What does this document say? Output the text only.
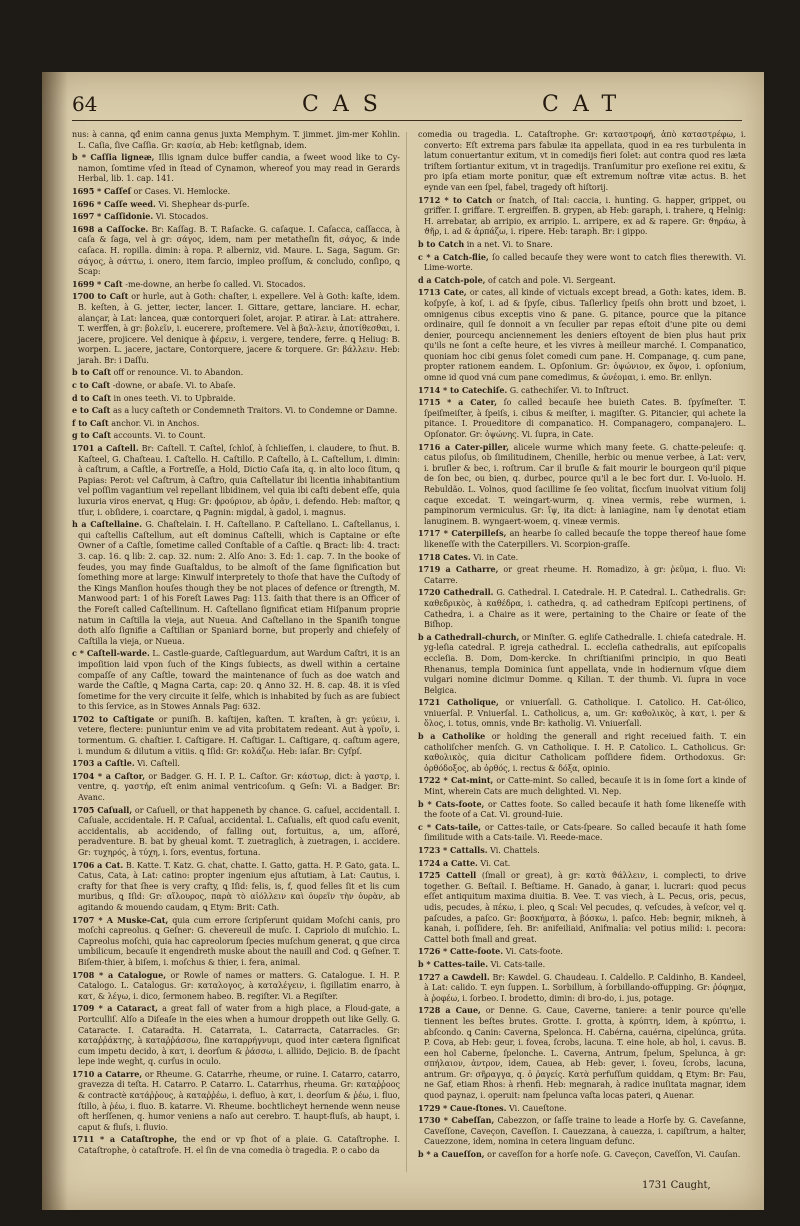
64	CAS	CAT

nus: à canna, ꝗđ enim canna genus juxta Memphym. T. jimmet. jim-mer Kohlin. L. Caſia, ſive Caſſia. Gr: κασία, ab Heb: ketſignab, idem.

b * Caſſia ligneæ, Illis ignam dulce buffer candia, a ſweet wood like to Cy-namon, ſomtime vſed in ſtead of Cynamon, whereof you may read in Gerards Herbal, lib. 1. cap. 141.

1695 * Caſſeſ or Cases. Vi. Hemlocke.

1696 * Caſſe weed. Vi. Shephear ds-purſe.

1697 * Caſſidonie. Vi. Stocados.

1698 a Caſſocke. Br: Kaſſag. B. T. Raſacke. G. caſaque. I. Caſacca, caſſacca, à caſa & ſaga, vel à gr: σάγος, idem, nam per metatheſin fit, σάγος, & inde caſaca. H. ropilla. dimin: à ropa. P. alberniz, vid. Maure. L. Saga, Sagum. Gr: σάγος, à σάττω, i. onero, item farcio, impleo proſſum, & concludo, conſipo, ꝗ Scap:

1699 * Caſt -me-downe, an herbe ſo called. Vi. Stocados.

1700 to Caſt or hurle, aut à Goth: chaſter, i. expellere. Vel à Goth: kaſte, idem. B. keſten, à G. jetter, iecter, lancer. I. Gittare, gettare, lanciare. H. echar, alançar, à Lat: lancea, quæ contorqueri ſolet, arojar. P. atirar. à Lat: attrahere. T. werffen, à gr: βολεῖν, i. eucerere, proſtemere. Vel à βαλ-λειν, ἀποτίθεσθαι, i. jacere, projicere. Vel denique à ϕέρειν, i. vergere, tendere, ferre. ꝗ Heliug: B. worpen. L. jacere, jactare, Contorquere, jacere & torquere. Gr: βάλλειν. Heb: jarah. Br: i Daſſu.

b to Caſt off or renounce. Vi. to Abandon.

c to Caſt -downe, or abaſe. Vi. to Abaſe.

d to Caſt in ones teeth. Vi. to Upbraide.

e to Caſt as a lucy caſteth or Condemneth Traitors. Vi. to Condemne or Damne.

f to Caſt anchor. Vi. in Anchos.

g to Caſt accounts. Vi. to Count.

1701 a Caſtell. Br: Caſtell. T. Caſtel, ſchloſ, à ſchlieſſen, i. claudere, to ſhut. B. Kaſteel, G. Chaſteau. I. Caſtello. H. Caſtillo. P. Caſtello, à L. Caſtellum, i. dimin: à caſtrum, a Caſtle, a Fortreſſe, a Hold, Dictio Caſa ita, q. in alto loco ſitum, ꝗ Papias: Perot: vel Caſtrum, à Caſtro, quia Caſtellatur ibi licentia inhabitantium vel poſſim vagantium vel repellant libidinem, vel quia ibi caſti debent eſſe, quia luxuria viros enervat, ꝗ Hug: Gr: ϕρούριον, ab ὁρᾶν, i. defendo. Heb: maſtor, ꝗ tſur, i. obſidere, i. coarctare, ꝗ Pagnin: migdal, à gadol, i. magnus.

h a Caſtellaine. G. Chaſtelain. I. H. Caſtellano. P. Caſtellano. L. Caſtellanus, i. qui caſtellis Caſtellum, aut eſt dominus Caſtelli, which is Captaine or eſte Owner of a Caſtle, ſometime called Conſtable of a Caſtle. ꝗ Bract: lib: 4. tract: 3. cap. 16. ꝗ lib: 2. cap. 32. num: 2. Alſo Ano: 3. Ed: 1. cap. 7. In the booke of feudes, you may finde Guaſtaldus, to be almoſt of the ſame ſignification but ſomething more at large: Kinwulf interpretely to thoſe that have the Cuſtody of the Kings Manſion houſes though they be not places of defence or ſtrength, M. Manwood part: 1 of his Foreſt Lawes Pag: 113. ſaith that there is an Officer of the Foreſt called Caſtellinum. H. Caſtellano ſignificat etiam Hiſpanum proprie natum in Caſtilla la vieja, aut Nueua. And Caſtellano in the Spaniſh tongue doth alſo ſignifie a Caſtilian or Spaniard borne, but properly and chiefely of Caſtilla la vieja, or Nueua.

c * Caſtell-warde. L. Castle-guarde, Caſtleguardum, aut Wardum Caſtri, it is an impoſition laid vpon ſuch of the Kings ſubiects, as dwell within a certaine compaſſe of any Caſtle, toward the maintenance of ſuch as doe watch and warde the Caſtle, ꝗ Magna Carta, cap: 20. ꝗ Anno 32. H. 8. cap. 48. it is vſed ſometime for the very circuite it ſelfe, which is inhabited by ſuch as are ſubiect to this ſervice, as in Stowes Annals Pag: 632.

1702 to Caſtigate or puniſh. B. kaſtijen, kaſten. T. kraſten, à gr: γεύειν, i. vetere, flectere: puniuntur enim ve ad vita probitatem redeant. Aut à γροῖν, i. tormentum. G. chaſtier. I. Caſtigare. H. Caſtigar. L. Caſtigare, q. caſtum agere, i. mundum & dilutum a vitiis. ꝗ Iſid: Gr: κολάζω. Heb: iaſar. Br: Cyſpſ.

1703 a Caſtle. Vi. Caſtell.

1704 * a Caſtor, or Badger. G. H. I. P. L. Caſtor. Gr: κάστωρ, dict: à γαστρ, i. ventre, q. γαστήρ, eſt enim animal ventricoſum. ꝗ Geſn: Vi. a Badger. Br: Avanc.

1705 Caſuall, or Caſuell, or that happeneth by chance. G. caſuel, accidentall. I. Caſuale, accidentale. H. P. Caſual, accidental. L. Caſualis, eſt quod caſu evenit, accidentalis, ab accidendo, of falling out, fortuitus, a, um, aſſoré, peradventure. B. bat by gheual komt. T. zuetraglich, à zuetragen, i. accidere. Gr: τυχηρός, à τύχη, i. ſors, eventus, fortuna.

1706 a Cat. B. Katte. T. Katz. G. chat, chatte. I. Gatto, gatta. H. P. Gato, gata. L. Catus, Cata, à Lat: catino: propter ingenium ejus aſtutiam, à Lat: Cautus, i. crafty for that ſhee is very crafty, ꝗ Iſid: felis, is, f, quod felles ſit et lis cum muribus, ꝗ Iſid: Gr: αἴλουρος, παρὰ τὸ αἰόλλειν καὶ ὀυρεῖν τὴν ὀυρὰν, ab agitando & mouendo caudam, ꝗ Etym: Brit: Cath.

1707 * A Muske-Cat, quia cum errore ſcripſerunt quidam Moſchi canis, pro moſchi capreolus. ꝗ Geſner: G. chevereuil de muſc. I. Capriolo di muſchio. L. Capreolus moſchi, quia hac capreolorum ſpecies muſchum generat, ꝗ que circa umbilicum, becauſe it engendreth muske about the nauill and Cod. ꝗ Geſner. T. Biſem-thier, à biſem, i. moſchus & thier, i. fera, animal.

1708 * a Catalogue, or Rowle of names or matters. G. Catalogue. I. H. P. Catalogo. L. Catalogus. Gr: καταλογος, à καταλέγειν, i. ſigillatim enarro, à κατ, & λέγω, i. dico, ſermonem habeo. B. regiſter. Vi. a Regiſter.

1709 * a Cataract, a great fall of water from a high place, a Floud-gate, a Portculliſ. Alſo a Diſeaſe in the eies when a humour droppeth out like Gelly. G. Cataracte. I. Cataradta. H. Catarrata, L. Catarracta, Catarracles. Gr: καταῤῥάκτης, à καταῤῥάσσω, ſine καταρρήγνυμι, quod inter cætera ſignificat cum impetu decido, à κατ, i. deorſum & ῥάσσω, i. alliido, Dejicio. B. de ſpacht lepe inde weght, q. curſus in oculo.

1710 a Catarre, or Rheume. G. Catarrhe, rheume, or ruine. I. Catarro, catarro, gravezza di teſta. H. Catarro. P. Catarro. L. Catarrhus, rheuma. Gr: καταῤῥοος & contractè κατάῤῥους, à καταῤῥέω, i. defluo, à κατ, i. deorſum & ῥέω, i. fluo, ſtillo, à ῥέω, i. fluo. B. katarre. Vi. Rheume. bochtlicheyt hernende wenn neuse oft herſſenen, q. humor veniens a naſo aut cerebro. T. haupt-fluſs, ab haupt, i. caput & fluſs, i. fluvio.

1711 * a Cataſtrophe, the end or vp ſhot of a plaie. G. Cataſtrophe. I. Cataſtrophe, ò cataſtrofe. H. el ſin de vna comedia ò tragedia. P. o cabo da

comedia ou tragedia. L. Cataſtrophe. Gr: καταστροφή, ἀπὸ καταστρέφω, i. converto: Eſt extrema pars fabulæ ita appellata, quod in ea res turbulenta in latum conuertantur exitum, vt in comedijs fieri ſolet: aut contra quod res læta triſtem ſortiantur exitum, vt in tragedijs. Tranſumitur pro exeſione rei exitu, & pro ipſa etiam morte ponitur, quæ eſt extremum noſtræ vitæ actus. B. het eynde van een ſpel, fabel, tragedy oft hiſtorij.

1712 * to Catch or ſnatch, of Ital: caccia, i. hunting. G. happer, grippet, ou griffer. I. griffare. T. ergreiffen. B. grypen, ab Heb: garaph, i. trahere, ꝗ Helnig: H. arrebatar, ab arripio, ex arripio. L. arripere, ex ad & rapere. Gr: ϑηράω, à ϑῆρ, i. ad & ἁρπάζω, i. ripere. Heb: taraph. Br: i gippo.

b to Catch in a net. Vi. to Snare.

c * a Catch-flie, ſo called becauſe they were wont to catch flies therewith. Vi. Lime-worte.

d a Catch-pole, of catch and pole. Vi. Sergeant.

1713 Cate, or cates, all kinde of victuals except bread, a Goth: kates, idem. B. koſpyſe, à koſ, i. ad & ſpyſe, cibus. Taſlerlicy ſpeiſs ohn brott und bzoet, i. omnigenus cibus exceptis vino & pane. G. pitance, pource que la pitance ordinaire, quil ſe donnoit a vn ſeculier par repas eſtoit d'une pite ou demi denier, pourcequ anciennement les deniers eſtoyent de bien plus haut prix qu'ils ne ſont a ceſte heure, et les vivres à meilleur marché. I. Companatico, quoniam hoc cibi genus ſolet comedi cum pane. H. Companage, q. cum pane, propter rationem eandem. L. Opſonium. Gr: ὀψώνιον, ex ὄψον, i. opſonium, omne id quod vná cum pane comedimus, & ὠνέομαι, i. emo. Br. enllyn.

1714 * to Catechiſe. G. cathechiſer. Vi. to Inſtruct.

1715 * a Cater, ſo called becauſe hee buieth Cates. B. ſpyſmeſter. T. ſpeiſmeiſter, à ſpeiſs, i. cibus & meiſter, i. magiſter. G. Pitancier, qui achete la pitance. I. Proueditore di companatico. H. Companagero, companajero. L. Opſonator. Gr: ὀψώνης. Vi. ſupra, in Cate.

1716 a Cater-piller, alicele wurme which many feete. G. chatte-peleuſe: q. catus piloſus, ob ſimilitudinem, Chenille, herbic ou menue verbee, à Lat: verv, i. bruſler & bec, i. roſtrum. Car il bruſle & fait mourir le bourgeon qu'il pique de ſon bec, ou bien, q. durbec, pource qu'il a le bec fort dur. I. Vo-luolo. H. Rebuldão. L. Volnos, quod ſacillime ſe ſeo volitat, ſiccſum inuolvat vitium ſolij caque excedat. T. weingart-wurm, q. vinea vermis, rebe wurmen, i. pampinorum vermiculus. Gr: ἴψ, ita dict: à laniagine, nam ἴψ denotat etiam lanuginem. B. wyngaert-woem, q. vineæ vermis.

1717 * Caterpilleſs, an hearbe ſo called becauſe the toppe thereof haue ſome likeneſſe with the Caterpillers. Vi. Scorpion-graſſe.

1718 Cates. Vi. in Cate.

1719 a Catharre, or great rheume. H. Romadizo, à gr: ῥεῦμα, i. fluo. Vi: Catarre.

1720 Cathedrall. G. Cathedral. I. Catedrale. H. P. Catedral. L. Cathedralis. Gr: καθεδρικὸς, à καθέδρα, i. cathedra, q. ad cathedram Epiſcopi pertinens, of Cathedra, i. a Chaire as it were, pertaining to the Chaire or ſeate of the Biſhop.

b a Cathedrall-church, or Minſter. G. egliſe Cathedralle. I. chieſa catedrale. H. yg-leſia catedral. P. igreja cathedral. L. eccleſia cathedralis, aut epiſcopalis eccleſia. B. Dom, Dom-kercke. In chriſtianiſmi principio, in quo Beati Rhenanus, templa Dominica ſunt appellata, vnde in hodiernum vſque diem vulgari nomine dicimur Domme. ꝗ Kilian. T. der thumb. Vi. ſupra in voce Belgica.

1721 Catholique, or vniuerſall. G. Catholique. I. Catolico. H. Cat-ólico, vniuerſal. P. Vniuerſal. L. Catholicus, a, um. Gr: καθολικὸς, à κατ, i. per & ὅλος, i. totus, omnis, vnde Br: katholig. Vi. Vniuerſall.

b a Catholike or holding the generall and right receiued faith. T. ein catholiſcher menſch. G. vn Catholique. I. H. P. Catolico. L. Catholicus. Gr: καθολικὸς, quia dicitur Catholicam poſſidere fidem. Orthodoxus. Gr: ὀρθόδοξος, ab ὀρθός, i. rectus & δόξα, opinio.

1722 * Cat-mint, or Catte-mint. So called, becauſe it is in ſome ſort a kinde of Mint, wherein Cats are much delighted. Vi. Nep.

b * Cats-foote, or Cattes foote. So called becauſe it hath ſome likeneſſe with the foote of a Cat. Vi. ground-Iuie.

c * Cats-taile, or Cattes-taile, or Cats-ſpeare. So called becauſe it hath ſome ſimilitude with a Cats-taile. Vi. Reede-mace.

1723 * Cattalls. Vi. Chattels.

1724 a Catte. Vi. Cat.

1725 Cattell (ſmall or great), à gr: κατὰ ϑάλλειν, i. complecti, to drive together. G. Beſtail. I. Beſtiame. H. Ganado, à ganar, i. lucrari: quod pecus eſſet antiquitum maxima diuitia. B. Vee. T. vas viech, à L. Pecus, oris, pecus, udis, pecudes, à πέκω, i. pleo, ꝗ Scal: Vel pecudes, q. veſcudes, à veſcor, vel q. paſcudes, a paſco. Gr: βοσκήματα, à βόσκω, i. paſco. Heb: begnir, mikneh, à kanah, i. poſſidere, ſeh. Br: anifeiliaid, Anifmalia: vel potius milid: i. pecora: Cattel both ſmall and great.

1726 * Catte-foote. Vi. Cats-foote.

b * Cattes-taile. Vi. Cats-taile.

1727 a Cawdell. Br: Kawdel. G. Chaudeau. I. Caldello. P. Caldinho, B. Kandeel, à Lat: calido. T. eyn ſuppen. L. Sorbillum, à ſorbillando-offupping. Gr: ῥόφημα, à ῥοφέω, i. ſorbeo. I. brodetto, dimin: di bro-do, i. jus, potage.

1728 a Caue, or Denne. G. Caue, Caverne, taniere: a tenir pource qu'elle tiennent les beſtes brutes. Grotte. I. grotta, à κρύπτη, idem, à κρύπτω, i. abſcondo. ꝗ Canin: Caverna, Spelonca. H. Cabérna, cauérna, cipelúnca, grúta. P. Cova, ab Heb: geur, i. fovea, ſcrobs, lacuna. T. eine hole, ab hol, i. cavus. B. een hol Caberne, ſpelonche. L. Caverna, Antrum, ſpelum, Spelunca, à gr: σπήλαιον, ἀντρον, idem, Cauea, ab Heb: gever, i. ſoveu, ſcrobs, lacuna, antrum. Gr: σῆραγγα, q. ὁ ῥαγείς. Κατὰ perfuſſum quiddam, ꝗ Etym: Br: Fau, ne Gaf, etiam Rhos: à rhenfi. Heb: megnarah, à radice inuſitata magnar, idem quod paynaz, i. operuit: nam ſpelunca vaſta locas pateri, ꝗ Auenar.

1729 * Caue-ſtones. Vi. Caueſtone.

1730 * Cabeſſan, Cabezzon, or ſaſſe traine to leade a Horſe by. G. Caveſanne, Caveſſone, Caveçon, Caveſſon. I. Cauezzana, à cauezza, i. capiſtrum, a halter, Cauezzone, idem, nomina in cetera linguam defunc.

b * a Caueſſon, or caveſſon for a horſe noſe. G. Caveçon, Caveſſon, Vi. Cauſan.

1731 Caught,
